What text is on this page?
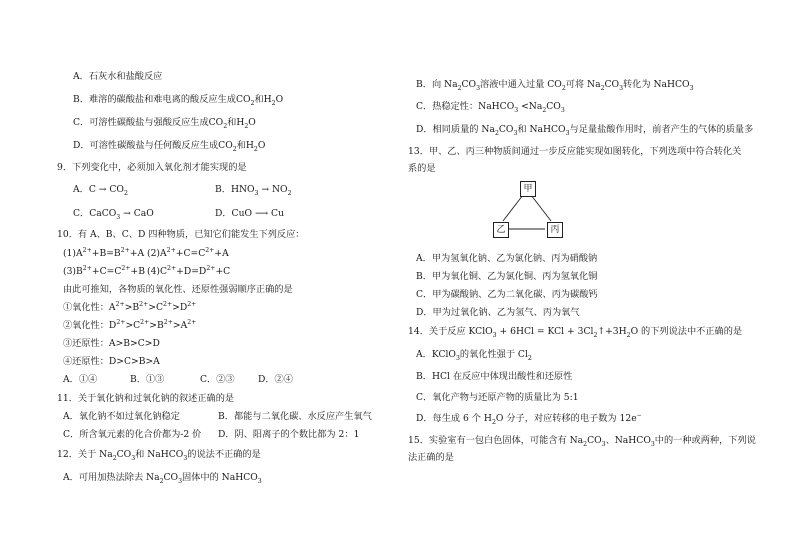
A．石灰水和盐酸反应
B．难溶的碳酸盐和难电离的酸反应生成$CO_2$和$H_2O$
C．可溶性碳酸盐与强酸反应生成$CO_2$和$H_2O$
D．可溶性碳酸盐与任何酸反应生成$CO_2$和$H_2O$
9．下列变化中，必须加入氧化剂才能实现的是
A．$C \to CO_2$	B．$HNO_3 \to NO_2$
C．CaCO$_3$ → CaO	D．CuO ⟶ Cu
10．有 A、B、C、D 四种物质，已知它们能发生下列反应：
$(1)A^{2+}+B=B^{2+}+A$ $(2)A^{2+}+C=C^{2+}+A$
$(3)B^{2+}+C=C^{2+}+B$ $(4)C^{2+}+D=D^{2+}+C$
由此可推知，各物质的氧化性、还原性强弱顺序正确的是
①氧化性：$A^{2+}>B^{2+}>C^{2+}>D^{2+}$
②氧化性：$D^{2+}>C^{2+}>B^{2+}>A^{2+}$
③还原性：A>B>C>D
④还原性：D>C>B>A
A．①④	B．①③	C．②③	D．②④
11．关于氧化钠和过氧化钠的叙述正确的是
A．氧化钠不如过氧化钠稳定	B．都能与二氧化碳、水反应产生氧气
C．所含氧元素的化合价都为-2 价 D．阴、阳离子的个数比都为 2：1
12．关于 $Na_2CO_3$和 NaHCO$_3$的说法不正确的是
A．可用加热法除去 $Na_2CO_3$固体中的 NaHCO$_3$
B．向 $Na_2CO_3$溶液中通入过量 $CO_2$可将 $Na_2CO_3$转化为 NaHCO$_3$
C．热稳定性：NaHCO$_3$ $<Na_2CO_3$
D．相同质量的 $Na_2CO_3$和 NaHCO$_3$与足量盐酸作用时，前者产生的气体的质量多
13．甲、乙、丙三种物质间通过一步反应能实现如图转化，下列选项中符合转化关
系的是
A．甲为氢氧化钠、乙为氯化钠、丙为硝酸钠
B．甲为氧化铜、乙为氯化铜、丙为氢氧化铜
C．甲为碳酸钠、乙为二氧化碳、丙为碳酸钙
D．甲为过氧化钠、乙为氢气、丙为氧气
14．关于反应 KClO$_3$ + 6HCl = KCl + $3Cl_2↑+3H_2O$ 的下列说法中不正确的是
A．KClO$_3$的氧化性强于 $Cl_2$
B．HCl 在反应中体现出酸性和还原性
C．氧化产物与还原产物的质量比为 5:1
D．每生成 6 个 $H_2O$ 分子，对应转移的电子数为 12e−
15．实验室有一包白色固体，可能含有 $Na_2CO_3$、NaHCO$_3$中的一种或两种，下列说
法正确的是
甲
乙	丙
